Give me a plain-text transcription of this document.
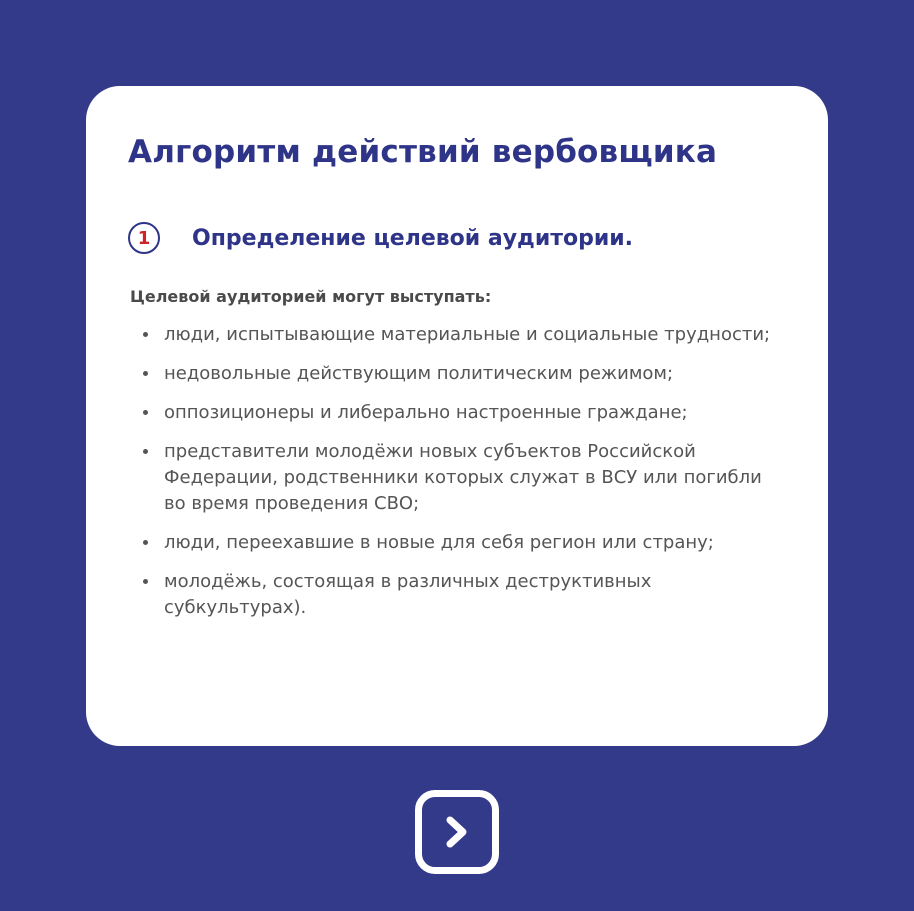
Алгоритм действий вербовщика
1	Определение целевой аудитории.
Целевой аудиторией могут выступать:
люди, испытывающие материальные и социальные трудности;
недовольные действующим политическим режимом;
оппозиционеры и либерально настроенные граждане;
представители молодёжи новых субъектов Российской Федерации, родственники которых служат в ВСУ или погибли во время проведения СВО;
люди, переехавшие в новые для себя регион или страну;
молодёжь, состоящая в различных деструктивных субкультурах).
